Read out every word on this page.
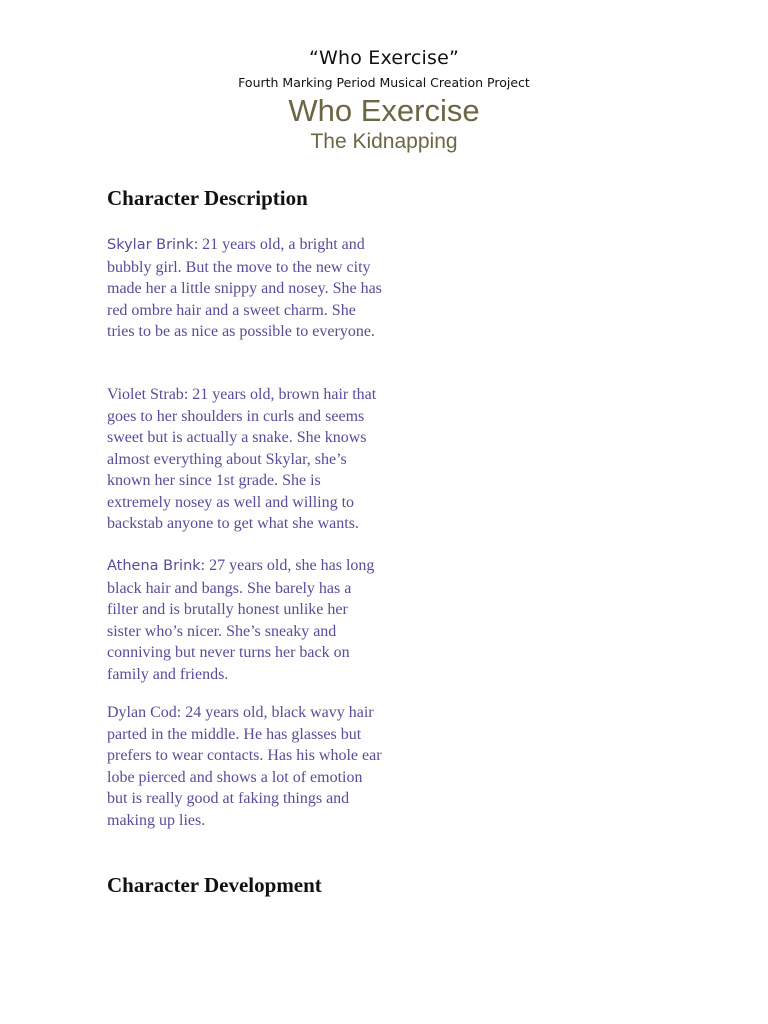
“Who Exercise”
Fourth Marking Period Musical Creation Project
Who Exercise
The Kidnapping
Character Description

Skylar Brink: 21 years old, a bright and bubbly girl. But the move to the new city made her a little snippy and nosey. She has red ombre hair and a sweet charm. She tries to be as nice as possible to everyone.

Violet Strab: 21 years old, brown hair that goes to her shoulders in curls and seems sweet but is actually a snake. She knows almost everything about Skylar, she’s known her since 1st grade. She is extremely nosey as well and willing to backstab anyone to get what she wants.

Athena Brink: 27 years old, she has long black hair and bangs. She barely has a filter and is brutally honest unlike her sister who’s nicer. She’s sneaky and conniving but never turns her back on family and friends.

Dylan Cod: 24 years old, black wavy hair parted in the middle. He has glasses but prefers to wear contacts. Has his whole ear lobe pierced and shows a lot of emotion but is really good at faking things and making up lies.

Character Development
